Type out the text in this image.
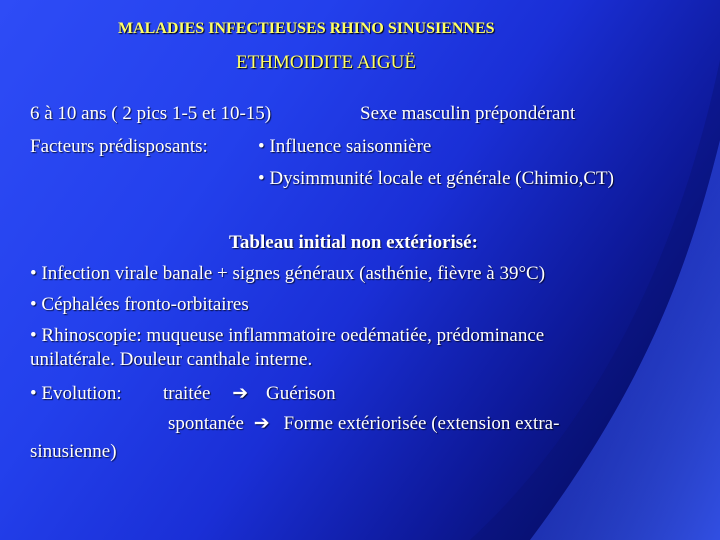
MALADIES INFECTIEUSES RHINO SINUSIENNES
ETHMOIDITE AIGUË
6 à 10 ans ( 2 pics 1-5 et 10-15)	Sexe masculin prépondérant
Facteurs prédisposants:	• Influence saisonnière
• Dysimmunité locale et générale (Chimio,CT)
Tableau initial non extériorisé:
• Infection virale banale + signes généraux (asthénie, fièvre à 39°C)
• Céphalées fronto-orbitaires
• Rhinoscopie: muqueuse inflammatoire oedématiée, prédominance
unilatérale. Douleur canthale interne.
• Evolution: traitée ➔ Guérison
spontanée ➔ Forme extériorisée (extension extra-
sinusienne)
